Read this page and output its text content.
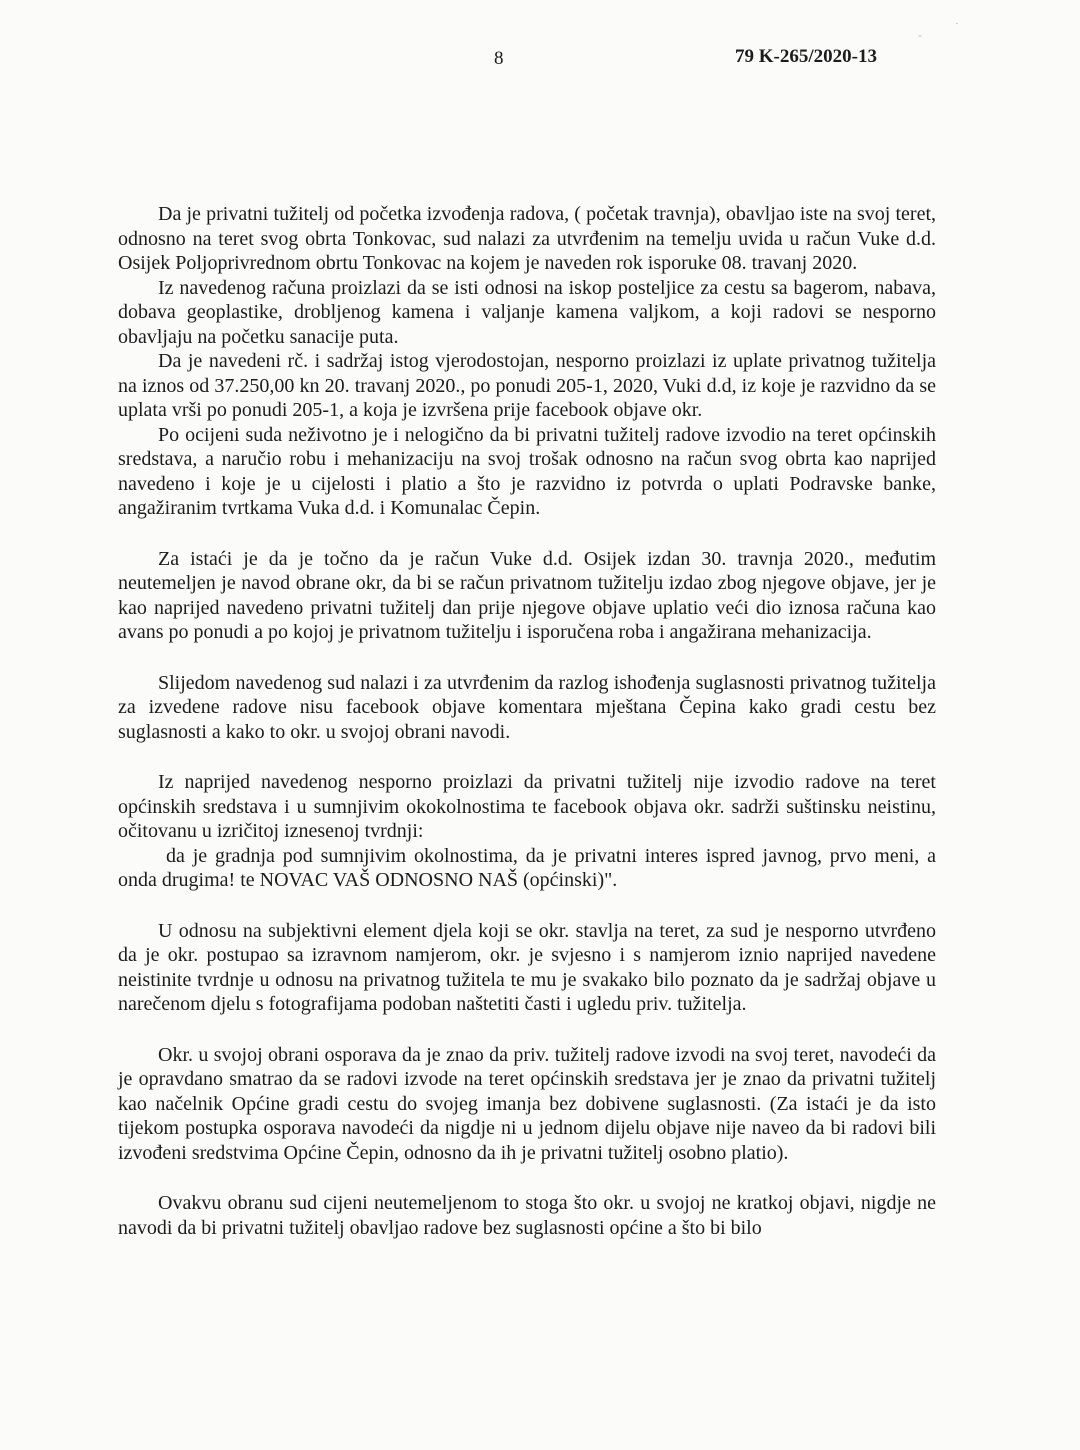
8	79 K-265/2020-13
·
-

Da je privatni tužitelj od početka izvođenja radova, ( početak travnja), obavljao iste na svoj teret, odnosno na teret svog obrta Tonkovac, sud nalazi za utvrđenim na temelju uvida u račun Vuke d.d. Osijek Poljoprivrednom obrtu Tonkovac na kojem je naveden rok isporuke 08. travanj 2020.

Iz navedenog računa proizlazi da se isti odnosi na iskop posteljice za cestu sa bagerom, nabava, dobava geoplastike, drobljenog kamena i valjanje kamena valjkom, a koji radovi se nesporno obavljaju na početku sanacije puta.

Da je navedeni rč. i sadržaj istog vjerodostojan, nesporno proizlazi iz uplate privatnog tužitelja na iznos od 37.250,00 kn 20. travanj 2020., po ponudi 205-1, 2020, Vuki d.d, iz koje je razvidno da se uplata vrši po ponudi 205-1, a koja je izvršena prije facebook objave okr.

Po ocijeni suda neživotno je i nelogično da bi privatni tužitelj radove izvodio na teret općinskih sredstava, a naručio robu i mehanizaciju na svoj trošak odnosno na račun svog obrta kao naprijed navedeno i koje je u cijelosti i platio a što je razvidno iz potvrda o uplati Podravske banke, angažiranim tvrtkama Vuka d.d. i Komunalac Čepin.

Za istaći je da je točno da je račun Vuke d.d. Osijek izdan 30. travnja 2020., međutim neutemeljen je navod obrane okr, da bi se račun privatnom tužitelju izdao zbog njegove objave, jer je kao naprijed navedeno privatni tužitelj dan prije njegove objave uplatio veći dio iznosa računa kao avans po ponudi a po kojoj je privatnom tužitelju i isporučena roba i angažirana mehanizacija.

Slijedom navedenog sud nalazi i za utvrđenim da razlog ishođenja suglasnosti privatnog tužitelja za izvedene radove nisu facebook objave komentara mještana Čepina kako gradi cestu bez suglasnosti a kako to okr. u svojoj obrani navodi.

Iz naprijed navedenog nesporno proizlazi da privatni tužitelj nije izvodio radove na teret općinskih sredstava i u sumnjivim okokolnostima te facebook objava okr. sadrži suštinsku neistinu, očitovanu u izričitoj iznesenoj tvrdnji:

da je gradnja pod sumnjivim okolnostima, da je privatni interes ispred javnog, prvo meni, a onda drugima! te NOVAC VAŠ ODNOSNO NAŠ (općinski)".

U odnosu na subjektivni element djela koji se okr. stavlja na teret, za sud je nesporno utvrđeno da je okr. postupao sa izravnom namjerom, okr. je svjesno i s namjerom iznio naprijed navedene neistinite tvrdnje u odnosu na privatnog tužitela te mu je svakako bilo poznato da je sadržaj objave u narečenom djelu s fotografijama podoban naštetiti časti i ugledu priv. tužitelja.

Okr. u svojoj obrani osporava da je znao da priv. tužitelj radove izvodi na svoj teret, navodeći da je opravdano smatrao da se radovi izvode na teret općinskih sredstava jer je znao da privatni tužitelj kao načelnik Općine gradi cestu do svojeg imanja bez dobivene suglasnosti. (Za istaći je da isto tijekom postupka osporava navodeći da nigdje ni u jednom dijelu objave nije naveo da bi radovi bili izvođeni sredstvima Općine Čepin, odnosno da ih je privatni tužitelj osobno platio).

Ovakvu obranu sud cijeni neutemeljenom to stoga što okr. u svojoj ne kratkoj objavi, nigdje ne navodi da bi privatni tužitelj obavljao radove bez suglasnosti općine a što bi bilo
